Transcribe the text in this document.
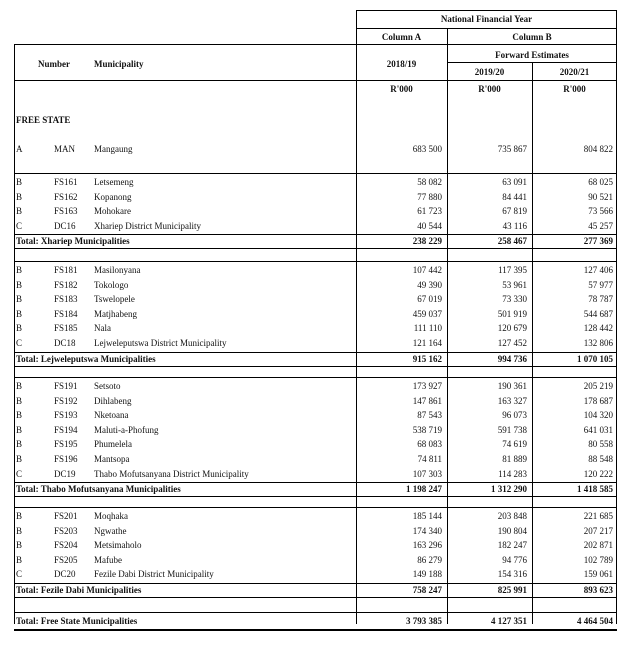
National Financial Year
Column A	Column B
Number	Municipality	2018/19
Forward Estimates
2019/20	2020/21
R'000	R'000	R'000
FREE STATE
A	MAN Mangaung	683 500	735 867	804 822
B	FS161 Letsemeng	58 082	63 091	68 025
B	FS162 Kopanong	77 880	84 441	90 521
B	FS163 Mohokare	61 723	67 819	73 566
C	DC16 Xhariep District Municipality	40 544	43 116	45 257
Total: Xhariep Municipalities	238 229	258 467	277 369
B	FS181 Masilonyana	107 442	117 395	127 406
B	FS182 Tokologo	49 390	53 961	57 977
B	FS183 Tswelopele	67 019	73 330	78 787
B	FS184 Matjhabeng	459 037	501 919	544 687
B	FS185 Nala	111 110	120 679	128 442
C	DC18 Lejweleputswa District Municipality	121 164	127 452	132 806
Total: Lejweleputswa Municipalities	915 162	994 736	1 070 105
B	FS191 Setsoto	173 927	190 361	205 219
B	FS192 Dihlabeng	147 861	163 327	178 687
B	FS193 Nketoana	87 543	96 073	104 320
B	FS194 Maluti-a-Phofung	538 719	591 738	641 031
B	FS195 Phumelela	68 083	74 619	80 558
B	FS196 Mantsopa	74 811	81 889	88 548
C	DC19 Thabo Mofutsanyana District Municipality	107 303	114 283	120 222
Total: Thabo Mofutsanyana Municipalities	1 198 247	1 312 290	1 418 585
B	FS201 Moqhaka	185 144	203 848	221 685
B	FS203 Ngwathe	174 340	190 804	207 217
B	FS204 Metsimaholo	163 296	182 247	202 871
B	FS205 Mafube	86 279	94 776	102 789
C	DC20 Fezile Dabi District Municipality	149 188	154 316	159 061
Total: Fezile Dabi Municipalities	758 247	825 991	893 623
Total: Free State Municipalities	3 793 385	4 127 351	4 464 504
